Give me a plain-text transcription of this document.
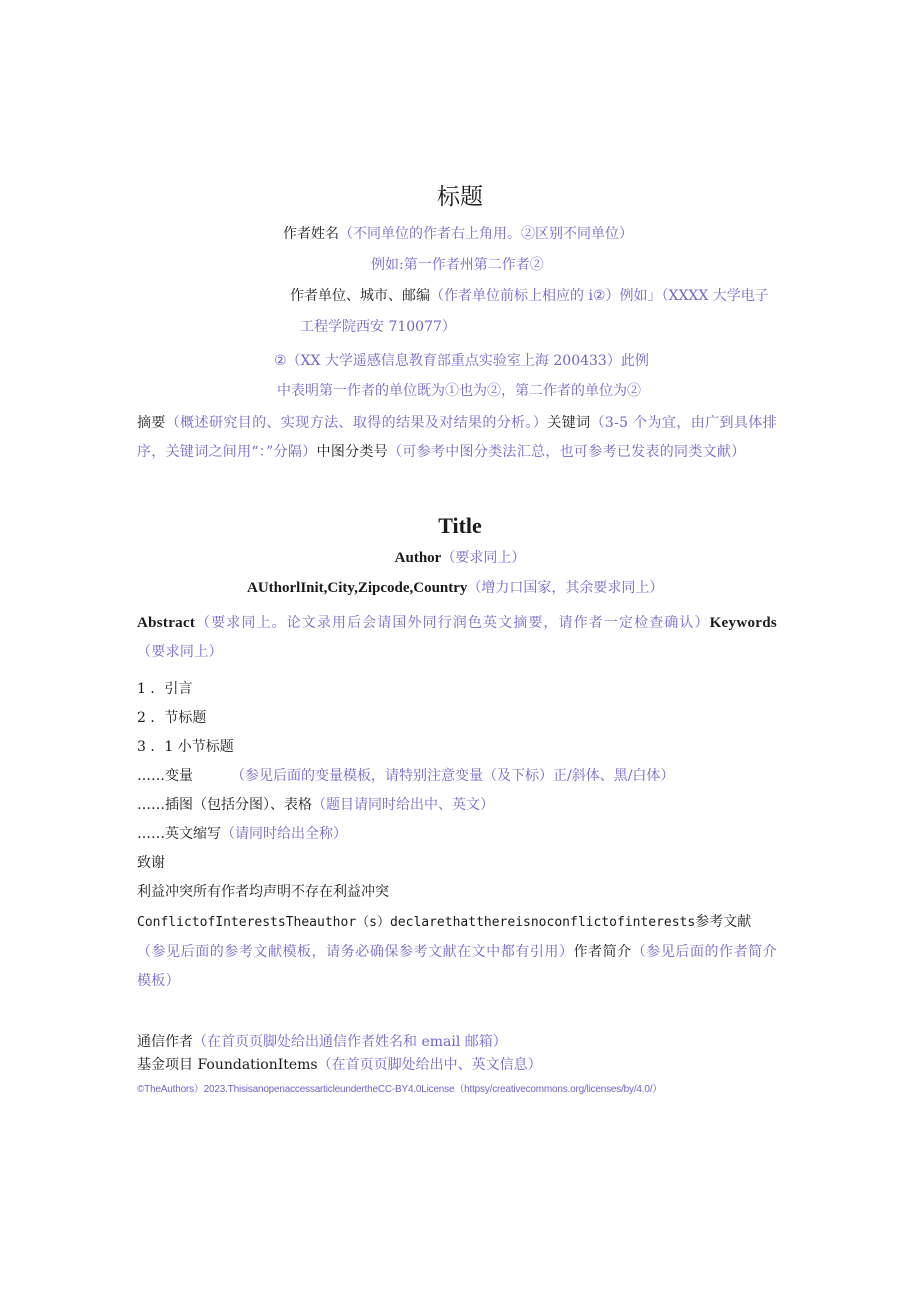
标题
作者姓名（不同单位的作者右上角用。②区别不同单位）
例如:第一作者州第二作者②
作者单位、城市、邮编（作者单位前标上相应的 i②）例如」（XXXX 大学电子
工程学院西安 710077）
②（XX 大学遥感信息教育部重点实验室上海 200433）此例
中表明第一作者的单位既为①也为②，第二作者的单位为②
摘要（概述研究目的、实现方法、取得的结果及对结果的分析。）关键词（3-5 个为宜，由广到具体排序，关键词之间用“：”分隔）中图分类号（可参考中图分类法汇总，也可参考已发表的同类文献）
Title
Author（要求同上）
AUthorlInit,City,Zipcode,Country（增力口国家，其余要求同上）
Abstract（要求同上。论文录用后会请国外同行润色英文摘要，请作者一定检查确认）Keywords（要求同上）
1 ．引言
2 ．节标题
3 ．1 小节标题
……变量	（参见后面的变量模板，请特别注意变量（及下标）正/斜体、黑/白体）
……插图（包括分图）、表格（题目请同时给出中、英文）
……英文缩写（请同时给出全称）
致谢
利益冲突所有作者均声明不存在利益冲突
ConflictofInterestsTheauthor（s）declarethatthereisnoconflictofinterests参考文献
（参见后面的参考文献模板，请务必确保参考文献在文中都有引用）作者简介（参见后面的作者简介模板）
通信作者（在首页页脚处给出通信作者姓名和 email 邮箱）
基金项目 FoundationItems（在首页页脚处给出中、英文信息）
©TheAuthors）2023.ThisisanopenaccessarticleundertheCC-BY4.0License（httpsy/creativecommons.org/licenses/by/4.0/）
